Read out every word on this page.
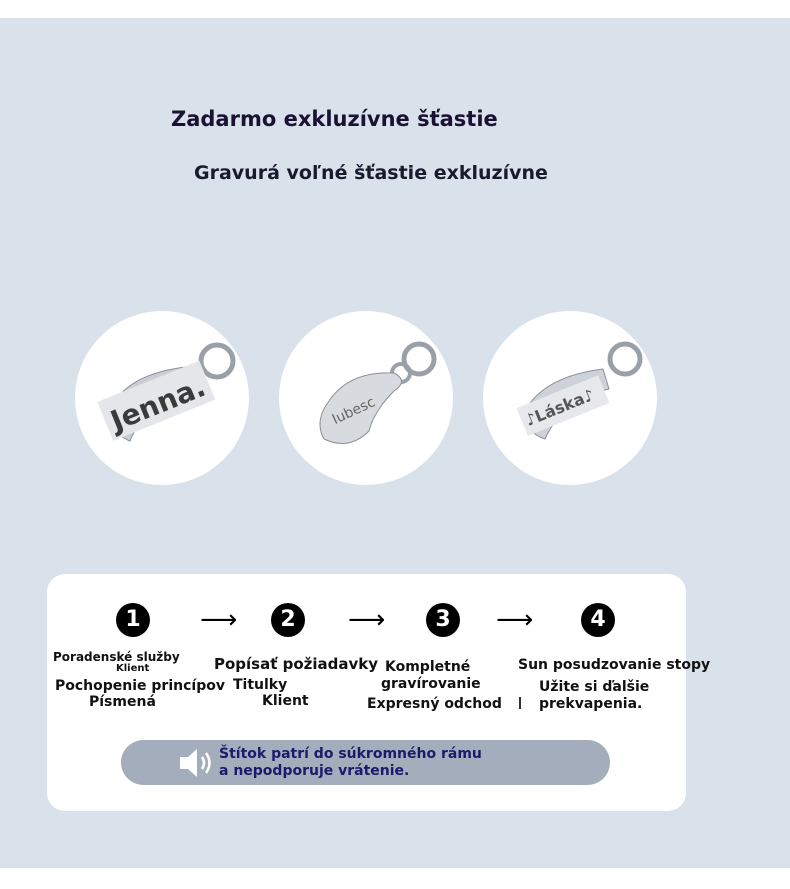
Zadarmo exkluzívne šťastie
Gravurá voľné šťastie exkluzívne
Jenna.	Iubesc	♪Láska♪
1	⟶	2	⟶	3	⟶	4
Poradenské služby
Klient
Pochopenie princípov
Písmená
Popísať požiadavky
Titulky
Klient
Kompletné
gravírovanie
Expresný odchod
Sun posudzovanie stopy
Užite si ďalšie
prekvapenia.
Štítok patrí do súkromného rámu
a nepodporuje vrátenie.
